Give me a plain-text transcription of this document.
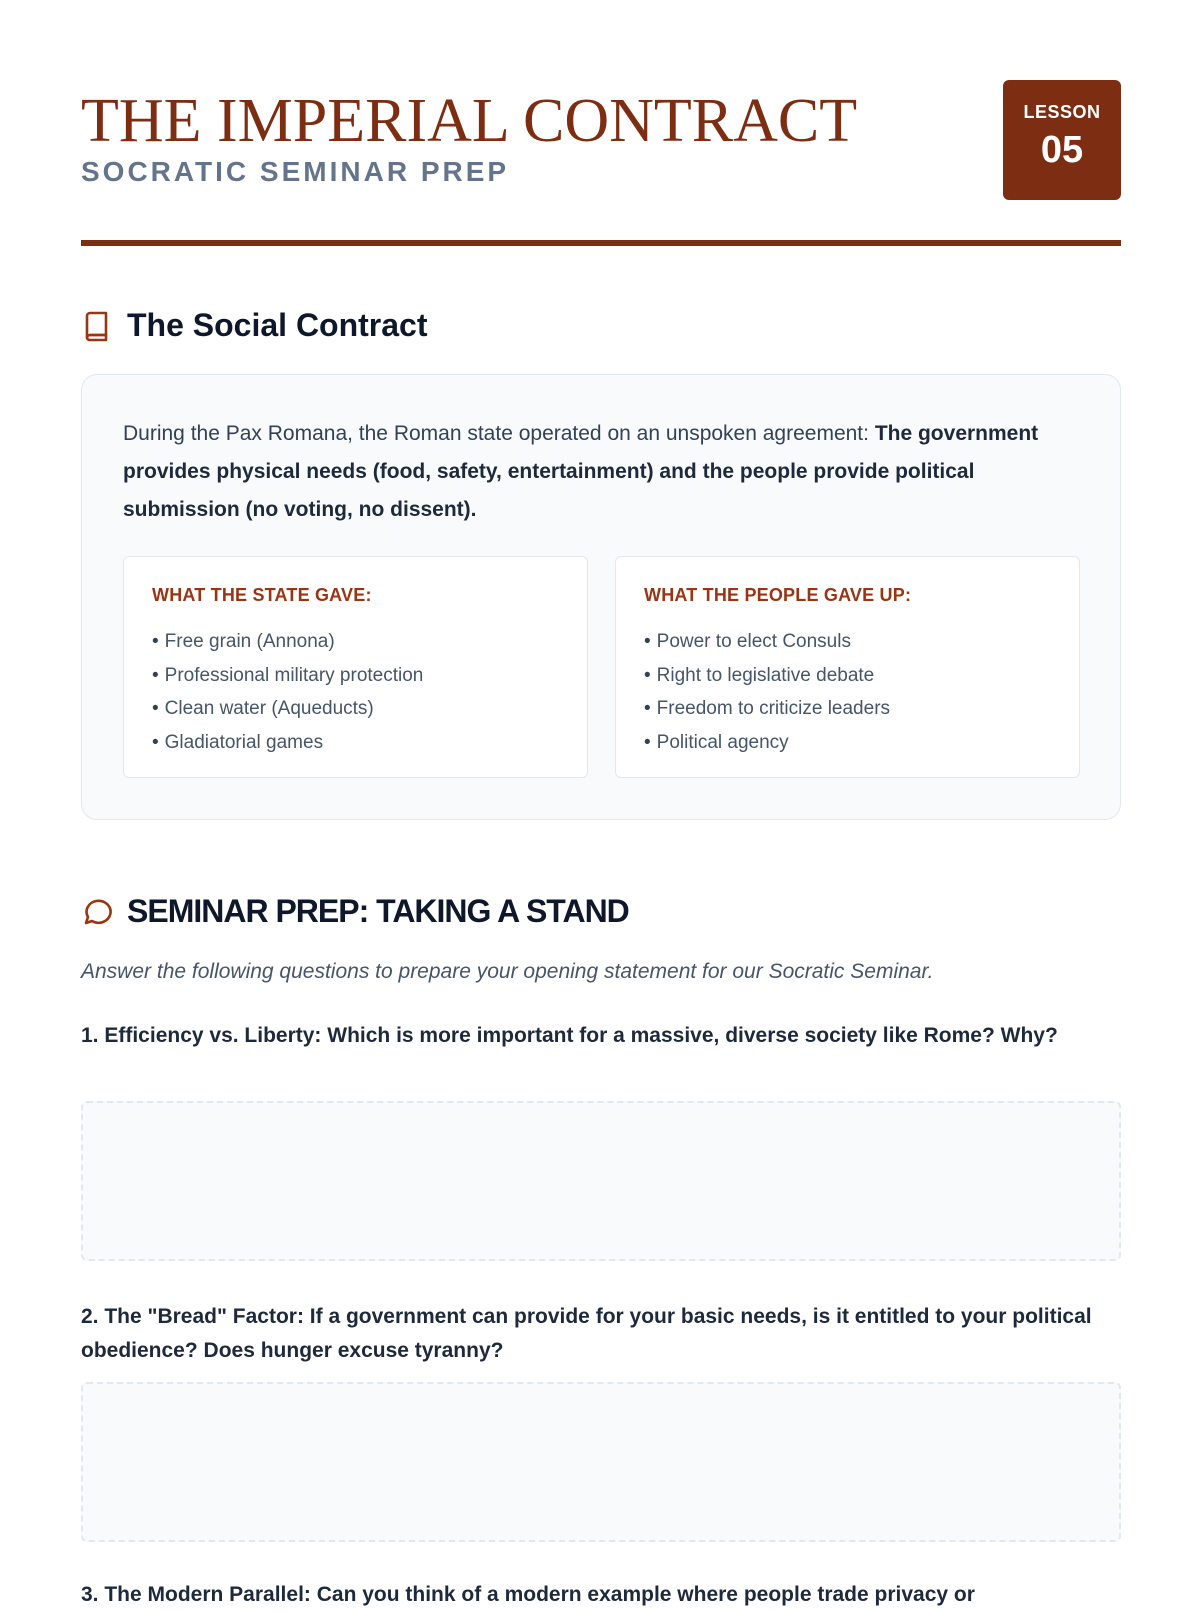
THE IMPERIAL CONTRACT
SOCRATIC SEMINAR PREP
LESSON
05
The Social Contract
During the Pax Romana, the Roman state operated on an unspoken agreement: The government provides physical needs (food, safety, entertainment) and the people provide political submission (no voting, no dissent).
WHAT THE STATE GAVE:
• Free grain (Annona)
• Professional military protection
• Clean water (Aqueducts)
• Gladiatorial games
WHAT THE PEOPLE GAVE UP:
• Power to elect Consuls
• Right to legislative debate
• Freedom to criticize leaders
• Political agency
SEMINAR PREP: TAKING A STAND
Answer the following questions to prepare your opening statement for our Socratic Seminar.
1. Efficiency vs. Liberty: Which is more important for a massive, diverse society like Rome? Why?
2. The "Bread" Factor: If a government can provide for your basic needs, is it entitled to your political obedience? Does hunger excuse tyranny?
3. The Modern Parallel: Can you think of a modern example where people trade privacy or
